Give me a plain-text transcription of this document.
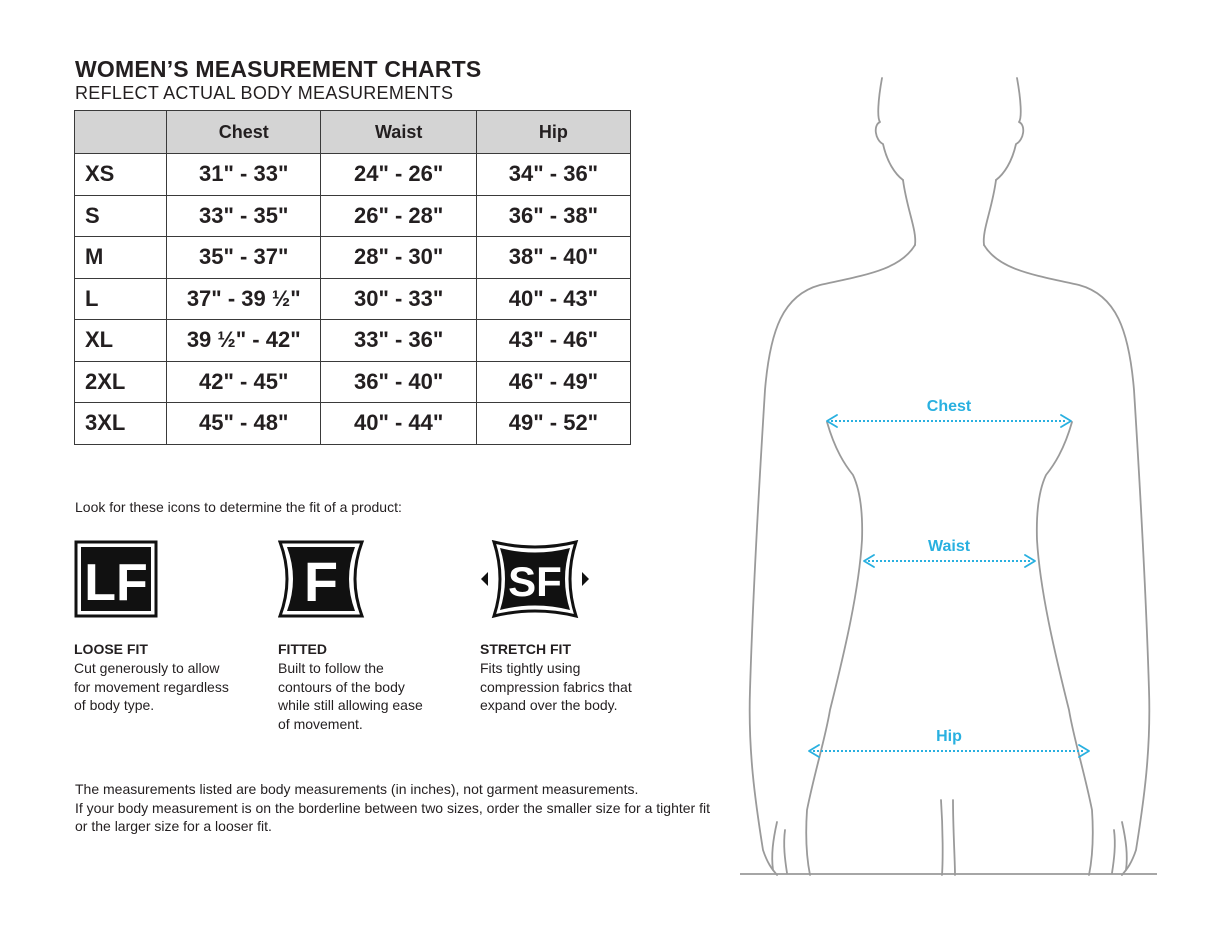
WOMEN’S MEASUREMENT CHARTS
REFLECT ACTUAL BODY MEASUREMENTS
	Chest	Waist	Hip
XS	31" - 33"	24" - 26"	34" - 36"
S	33" - 35"	26" - 28"	36" - 38"
M	35" - 37"	28" - 30"	38" - 40"
L	37" - 39 ½"	30" - 33"	40" - 43"
XL	39 ½" - 42"	33" - 36"	43" - 46"
2XL	42" - 45"	36" - 40"	46" - 49"
3XL	45" - 48"	40" - 44"	49" - 52"
Look for these icons to determine the fit of a product:
LF
LOOSE FIT
Cut generously to allow for movement regardless of body type.
F
FITTED
Built to follow the contours of the body while still allowing ease of movement.
SF
STRETCH FIT
Fits tightly using compression fabrics that expand over the body.

The measurements listed are body measurements (in inches), not garment measurements.

If your body measurement is on the borderline between two sizes, order the smaller size for a tighter fit or the larger size for a looser fit.

Chest
Waist
Hip
